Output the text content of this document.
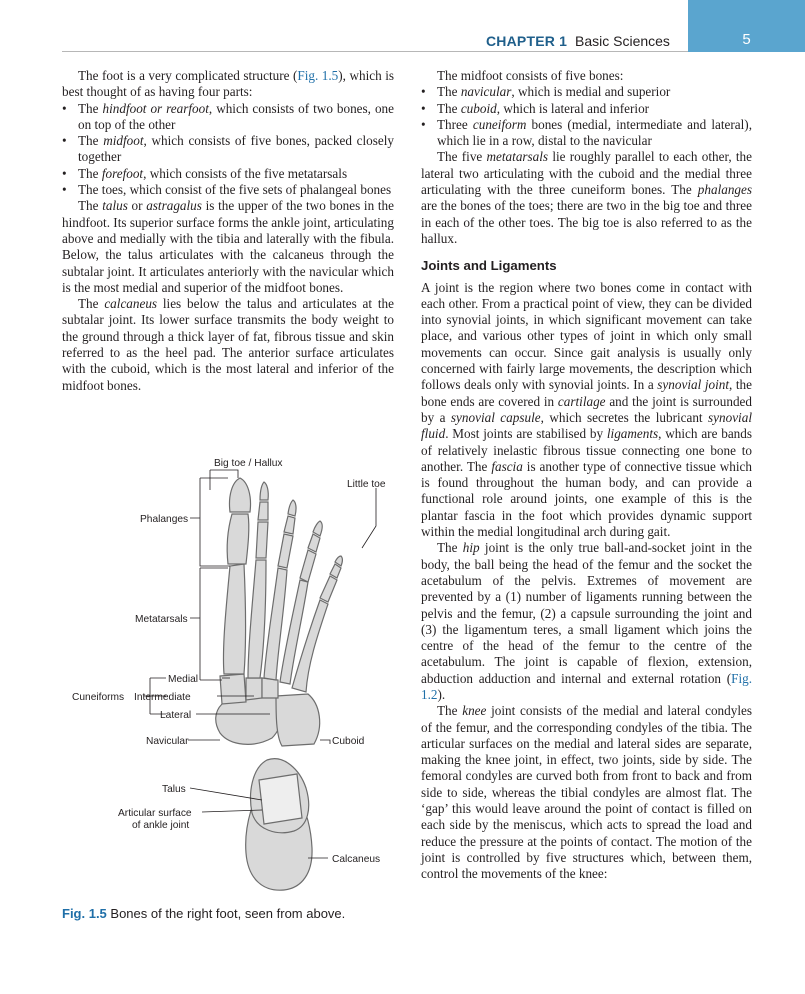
CHAPTER 1 Basic Sciences	5

The foot is a very complicated structure (Fig. 1.5), which is best thought of as having four parts:

• The hindfoot or rearfoot, which consists of two bones, one on top of the other
• The midfoot, which consists of five bones, packed closely together
• The forefoot, which consists of the five metatarsals
• The toes, which consist of the five sets of phalangeal bones

The talus or astragalus is the upper of the two bones in the hindfoot. Its superior surface forms the ankle joint, articulating above and medially with the tibia and laterally with the fibula. Below, the talus articulates with the calcaneus through the subtalar joint. It articulates anteriorly with the navicular which is the most medial and superior of the midfoot bones.

The calcaneus lies below the talus and articulates at the subtalar joint. Its lower surface transmits the body weight to the ground through a thick layer of fat, fibrous tissue and skin referred to as the heel pad. The anterior surface articulates with the cuboid, which is the most lateral and inferior of the midfoot bones.

Big toe / Hallux
Little toe
Phalanges
Metatarsals
Cuneiforms
Medial
Intermediate
Lateral
Navicular	Cuboid
Talus
Articular surface
of ankle joint
Calcaneus
Fig. 1.5 Bones of the right foot, seen from above.

The midfoot consists of five bones:

• The navicular, which is medial and superior
• The cuboid, which is lateral and inferior
• Three cuneiform bones (medial, intermediate and lateral), which lie in a row, distal to the navicular

The five metatarsals lie roughly parallel to each other, the lateral two articulating with the cuboid and the medial three articulating with the three cuneiform bones. The phalanges are the bones of the toes; there are two in the big toe and three in each of the other toes. The big toe is also referred to as the hallux.

Joints and Ligaments

A joint is the region where two bones come in contact with each other. From a practical point of view, they can be divided into synovial joints, in which significant movement can take place, and various other types of joint in which only small movements can occur. Since gait analysis is usually only concerned with fairly large movements, the description which follows deals only with synovial joints. In a synovial joint, the bone ends are covered in cartilage and the joint is surrounded by a synovial capsule, which secretes the lubricant synovial fluid. Most joints are stabilised by ligaments, which are bands of relatively inelastic fibrous tissue connecting one bone to another. The fascia is another type of connective tissue which is found throughout the human body, and can provide a functional role around joints, one example of this is the plantar fascia in the foot which provides dynamic support within the medial longitudinal arch during gait.

The hip joint is the only true ball-and-socket joint in the body, the ball being the head of the femur and the socket the acetabulum of the pelvis. Extremes of movement are prevented by a (1) number of ligaments running between the pelvis and the femur, (2) a capsule surrounding the joint and (3) the ligamentum teres, a small ligament which joins the centre of the head of the femur to the centre of the acetabulum. The joint is capable of flexion, extension, abduction adduction and internal and external rotation (Fig. 1.2).

The knee joint consists of the medial and lateral condyles of the femur, and the corresponding condyles of the tibia. The articular surfaces on the medial and lateral sides are separate, making the knee joint, in effect, two joints, side by side. The femoral condyles are curved both from front to back and from side to side, whereas the tibial condyles are almost flat. The ‘gap’ this would leave around the point of contact is filled on each side by the meniscus, which acts to spread the load and reduce the pressure at the points of contact. The motion of the joint is controlled by five structures which, between them, control the movements of the knee:
